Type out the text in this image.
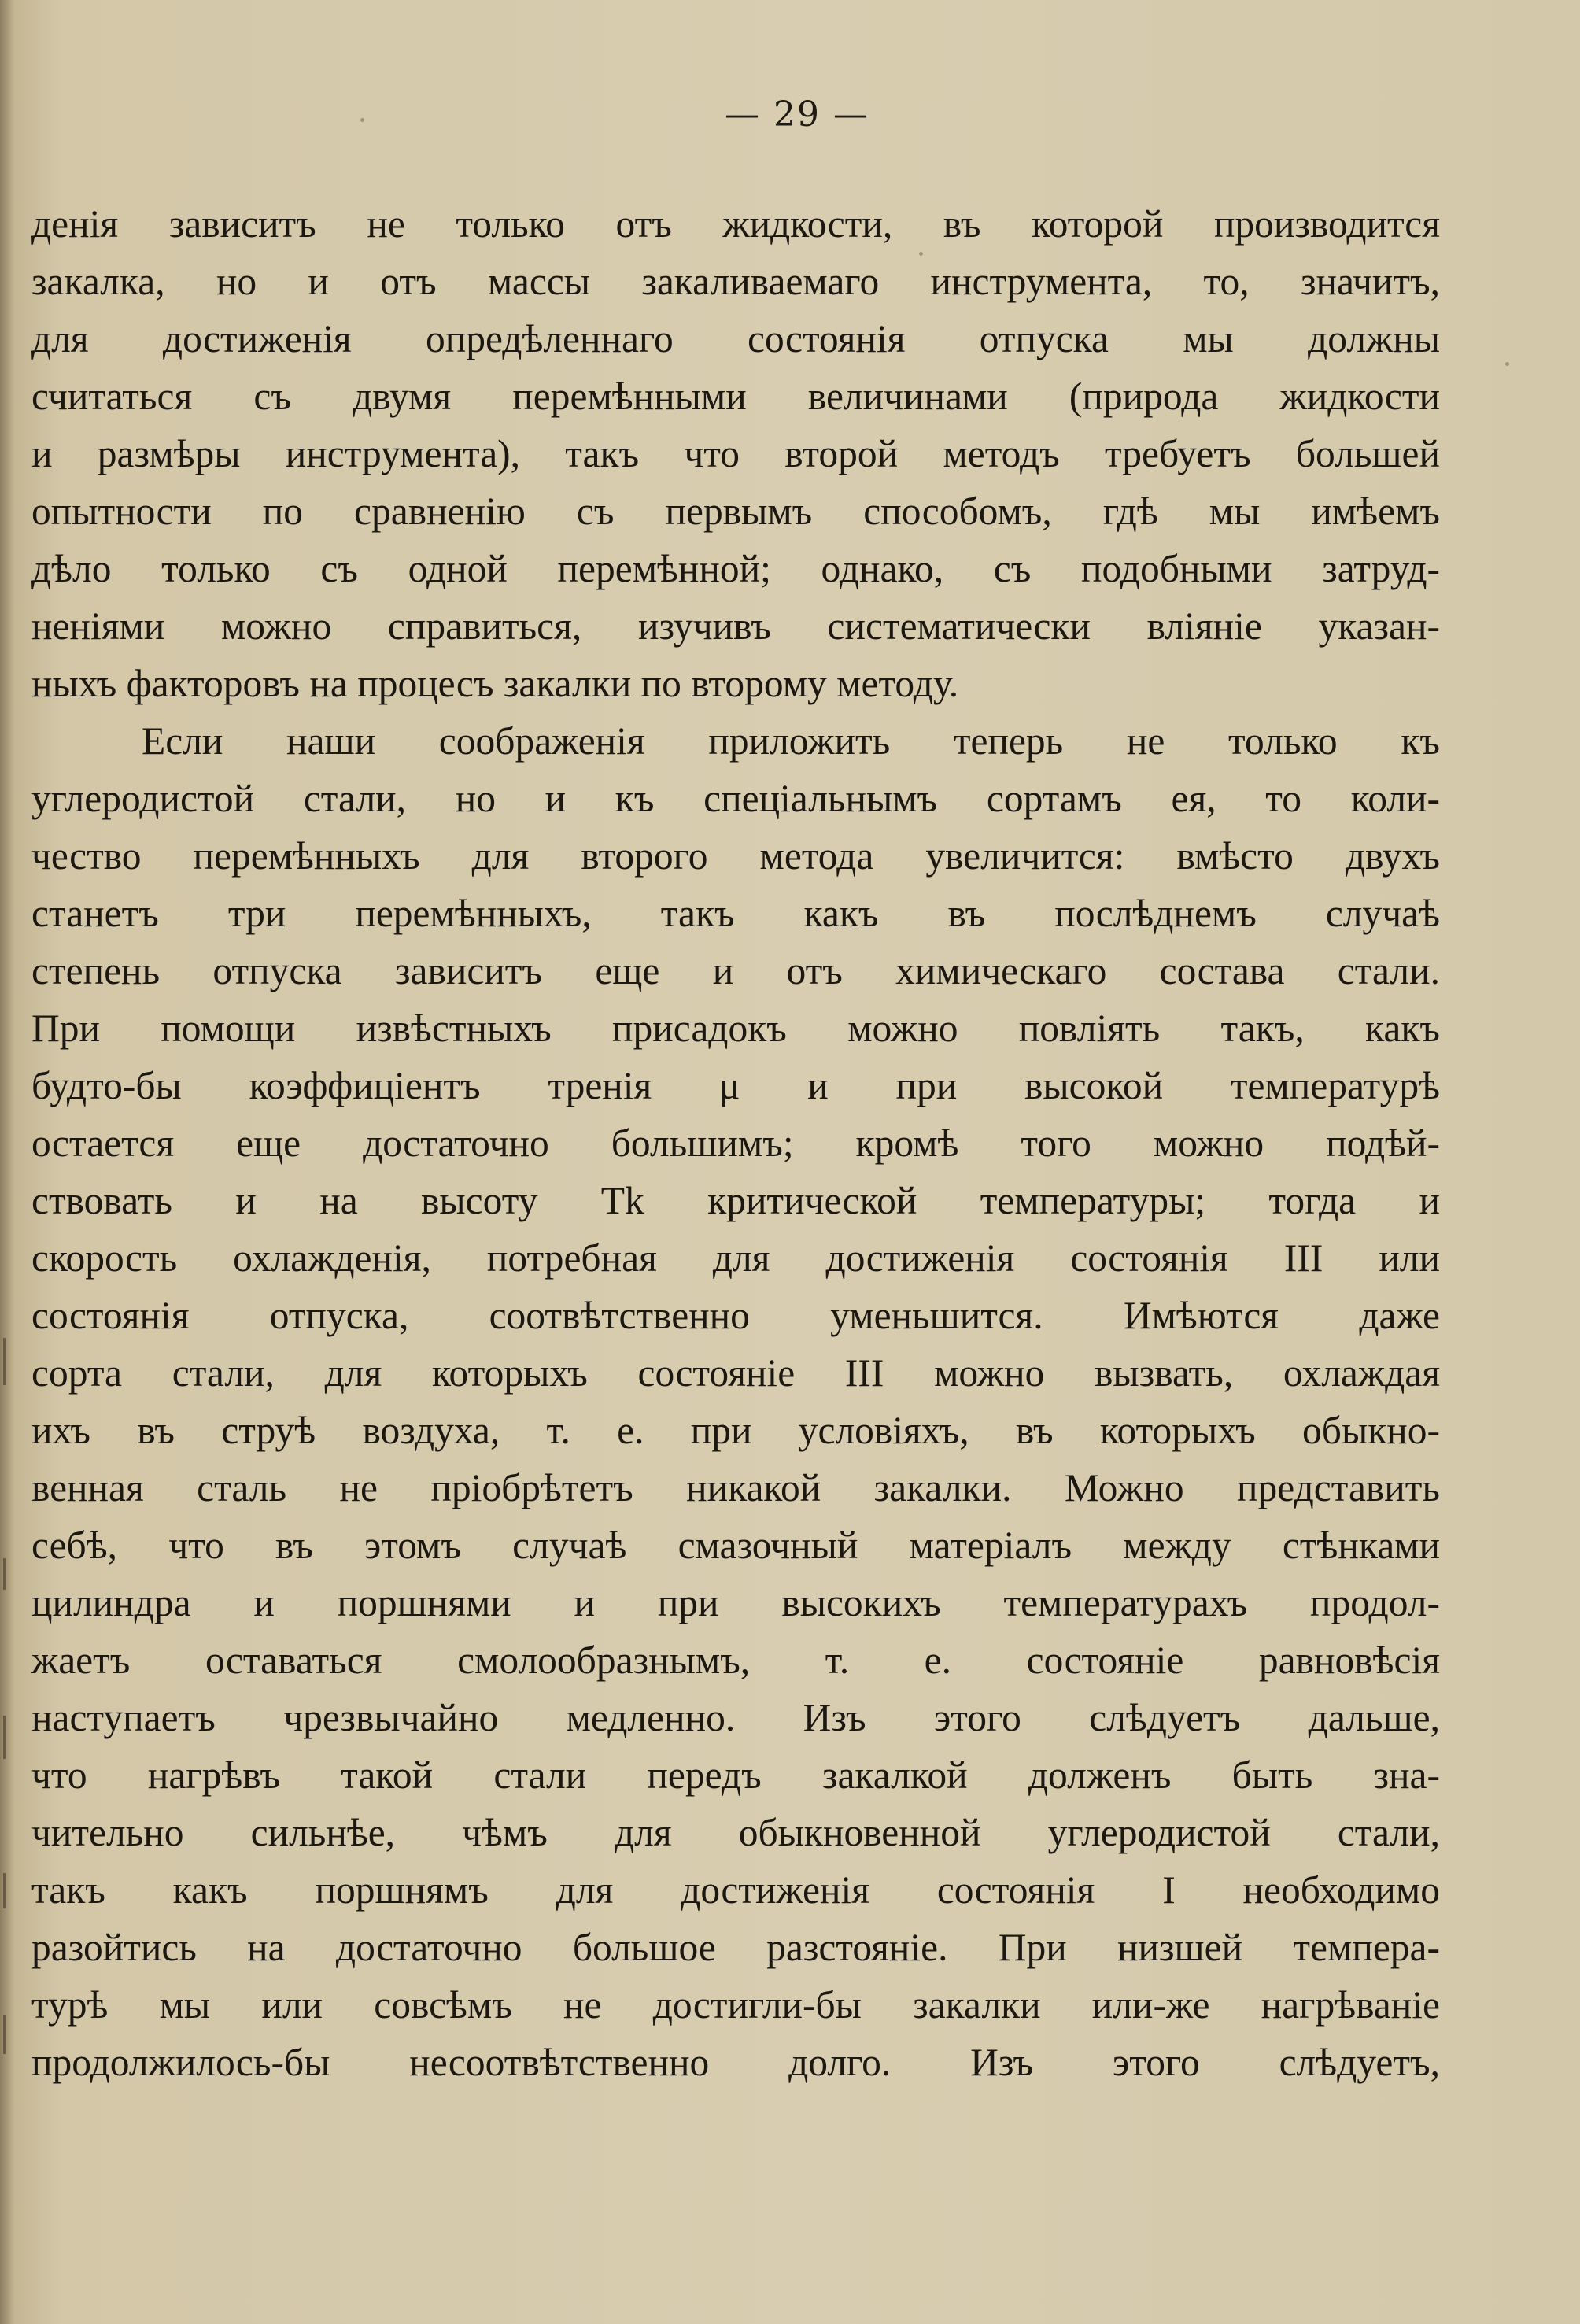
— 29 —
денія зависитъ не только отъ жидкости, въ которой производится
закалка, но и отъ массы закаливаемаго инструмента, то, значитъ,
для достиженія опредѣленнаго состоянія отпуска мы должны
считаться съ двумя перемѣнными величинами (природа жидкости
и размѣры инструмента), такъ что второй методъ требуетъ большей
опытности по сравненію съ первымъ способомъ, гдѣ мы имѣемъ
дѣло только съ одной перемѣнной; однако, съ подобными затруд-
неніями можно справиться, изучивъ систематически вліяніе указан-
ныхъ факторовъ на процесъ закалки по второму методу.
Если наши соображенія приложить теперь не только къ
углеродистой стали, но и къ спеціальнымъ сортамъ ея, то коли-
чество перемѣнныхъ для второго метода увеличится: вмѣсто двухъ
станетъ три перемѣнныхъ, такъ какъ въ послѣднемъ случаѣ
степень отпуска зависитъ еще и отъ химическаго состава стали.
При помощи извѣстныхъ присадокъ можно повліять такъ, какъ
будто-бы коэффиціентъ тренія μ и при высокой температурѣ
остается еще достаточно большимъ; кромѣ того можно подѣй-
ствовать и на высоту Tk критической температуры; тогда и
скорость охлажденія, потребная для достиженія состоянія III или
состоянія отпуска, соотвѣтственно уменьшится. Имѣются даже
сорта стали, для которыхъ состояніе III можно вызвать, охлаждая
ихъ въ струѣ воздуха, т. е. при условіяхъ, въ которыхъ обыкно-
венная сталь не пріобрѣтетъ никакой закалки. Можно представить
себѣ, что въ этомъ случаѣ смазочный матеріалъ между стѣнками
цилиндра и поршнями и при высокихъ температурахъ продол-
жаетъ оставаться смолообразнымъ, т. е. состояніе равновѣсія
наступаетъ чрезвычайно медленно. Изъ этого слѣдуетъ дальше,
что нагрѣвъ такой стали передъ закалкой долженъ быть зна-
чительно сильнѣе, чѣмъ для обыкновенной углеродистой стали,
такъ какъ поршнямъ для достиженія состоянія I необходимо
разойтись на достаточно большое разстояніе. При низшей темпера-
турѣ мы или совсѣмъ не достигли-бы закалки или-же нагрѣваніе
продолжилось-бы несоотвѣтственно долго. Изъ этого слѣдуетъ,
